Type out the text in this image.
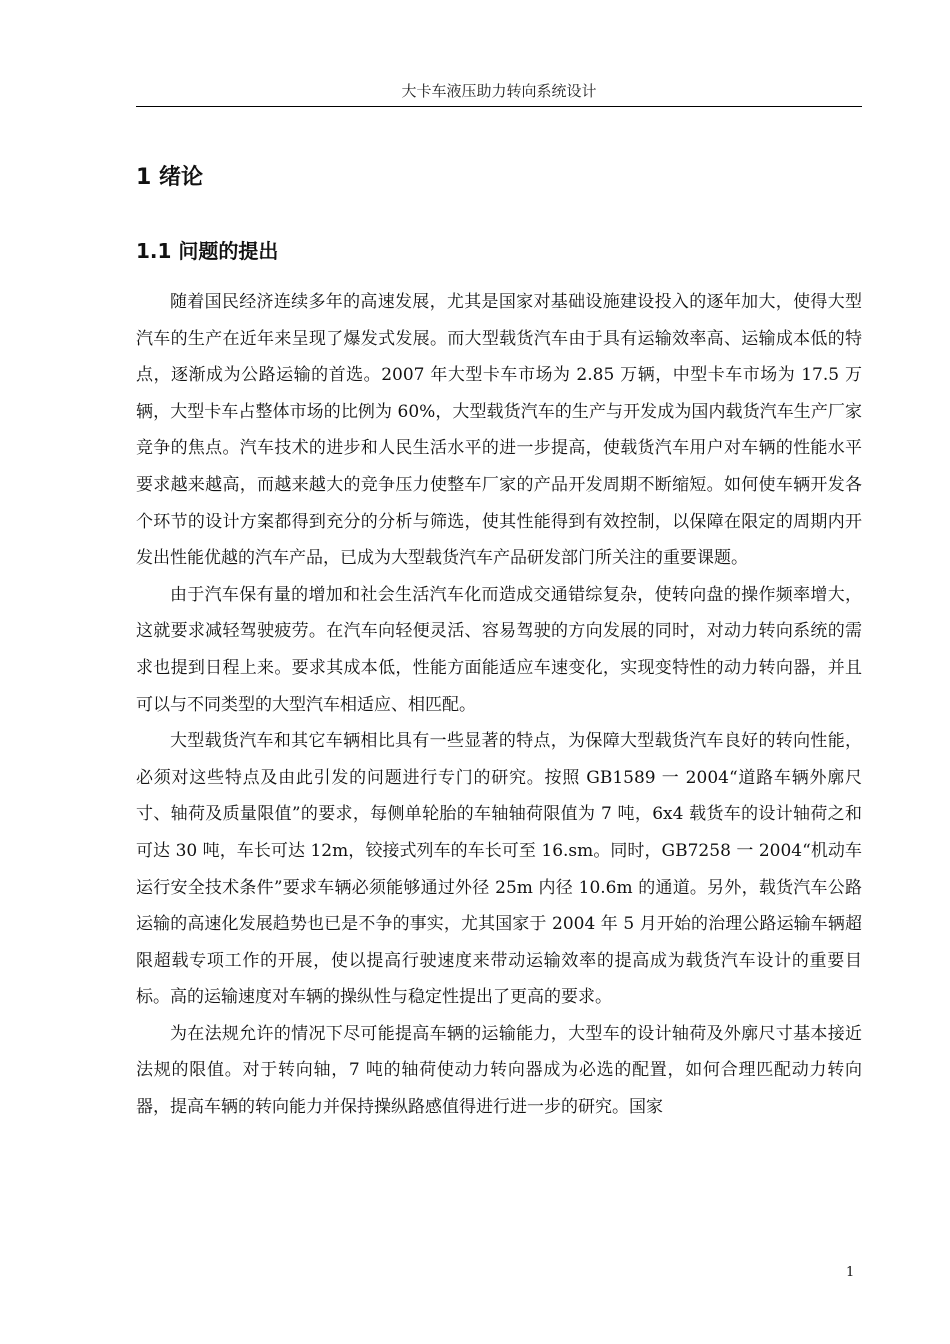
大卡车液压助力转向系统设计
1 绪论
1.1 问题的提出

随着国民经济连续多年的高速发展，尤其是国家对基础设施建设投入的逐年加大，使得大型汽车的生产在近年来呈现了爆发式发展。而大型载货汽车由于具有运输效率高、运输成本低的特点，逐渐成为公路运输的首选。2007 年大型卡车市场为 2.85 万辆，中型卡车市场为 17.5 万辆，大型卡车占整体市场的比例为 60%，大型载货汽车的生产与开发成为国内载货汽车生产厂家竞争的焦点。汽车技术的进步和人民生活水平的进一步提高，使载货汽车用户对车辆的性能水平要求越来越高，而越来越大的竞争压力使整车厂家的产品开发周期不断缩短。如何使车辆开发各个环节的设计方案都得到充分的分析与筛选，使其性能得到有效控制，以保障在限定的周期内开发出性能优越的汽车产品，已成为大型载货汽车产品研发部门所关注的重要课题。

由于汽车保有量的增加和社会生活汽车化而造成交通错综复杂，使转向盘的操作频率增大，这就要求减轻驾驶疲劳。在汽车向轻便灵活、容易驾驶的方向发展的同时，对动力转向系统的需求也提到日程上来。要求其成本低，性能方面能适应车速变化，实现变特性的动力转向器，并且可以与不同类型的大型汽车相适应、相匹配。

大型载货汽车和其它车辆相比具有一些显著的特点，为保障大型载货汽车良好的转向性能，必须对这些特点及由此引发的问题进行专门的研究。按照 GB1589 一 2004“道路车辆外廓尺寸、轴荷及质量限值”的要求，每侧单轮胎的车轴轴荷限值为 7 吨，6x4 载货车的设计轴荷之和可达 30 吨，车长可达 12m，铰接式列车的车长可至 16.sm。同时，GB7258 一 2004“机动车运行安全技术条件”要求车辆必须能够通过外径 25m 内径 10.6m 的通道。另外，载货汽车公路运输的高速化发展趋势也已是不争的事实，尤其国家于 2004 年 5 月开始的治理公路运输车辆超限超载专项工作的开展，使以提高行驶速度来带动运输效率的提高成为载货汽车设计的重要目标。高的运输速度对车辆的操纵性与稳定性提出了更高的要求。

为在法规允许的情况下尽可能提高车辆的运输能力，大型车的设计轴荷及外廓尺寸基本接近法规的限值。对于转向轴，7 吨的轴荷使动力转向器成为必选的配置，如何合理匹配动力转向器，提高车辆的转向能力并保持操纵路感值得进行进一步的研究。国家

1
